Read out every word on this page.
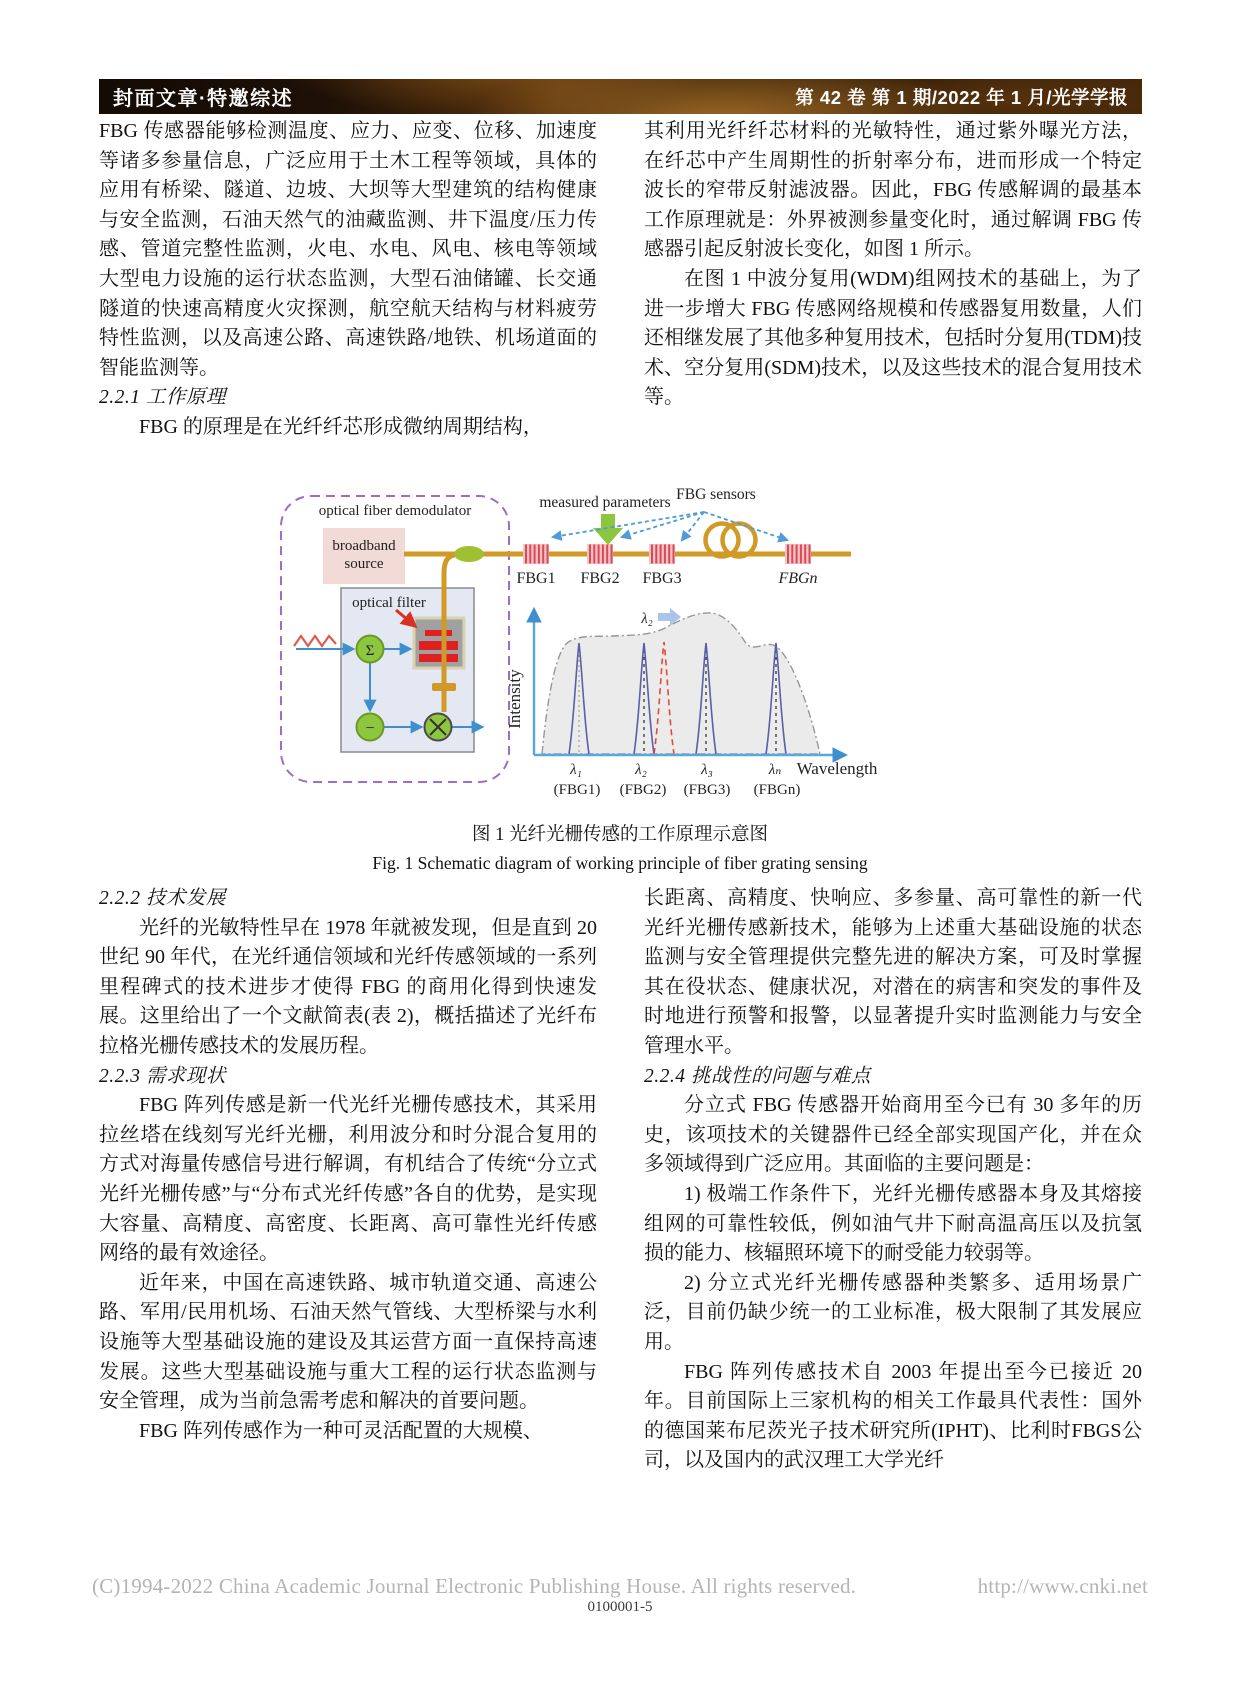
封面文章·特邀综述	第 42 卷 第 1 期/2022 年 1 月/光学学报

FBG 传感器能够检测温度、应力、应变、位移、加速度等诸多参量信息，广泛应用于土木工程等领域，具体的应用有桥梁、隧道、边坡、大坝等大型建筑的结构健康与安全监测，石油天然气的油藏监测、井下温度/压力传感、管道完整性监测，火电、水电、风电、核电等领域大型电力设施的运行状态监测，大型石油储罐、长交通隧道的快速高精度火灾探测，航空航天结构与材料疲劳特性监测，以及高速公路、高速铁路/地铁、机场道面的智能监测等。

2.2.1 工作原理

FBG 的原理是在光纤纤芯形成微纳周期结构，

其利用光纤纤芯材料的光敏特性，通过紫外曝光方法，在纤芯中产生周期性的折射率分布，进而形成一个特定波长的窄带反射滤波器。因此，FBG 传感解调的最基本工作原理就是：外界被测参量变化时，通过解调 FBG 传感器引起反射波长变化，如图 1 所示。

在图 1 中波分复用(WDM)组网技术的基础上，为了进一步增大 FBG 传感网络规模和传感器复用数量，人们还相继发展了其他多种复用技术，包括时分复用(TDM)技术、空分复用(SDM)技术，以及这些技术的混合复用技术等。

optical fiber demodulator
broadband
source
optical filter
FBG1 FBG2 FBG3	FBGn
measured parameters FBG sensors
Σ
−
λ₂
Intensity
Wavelength
λ₁	λ₂	λ₃	λₙ
(FBG1) (FBG2) (FBG3) (FBGn)
图 1 光纤光栅传感的工作原理示意图
Fig. 1 Schematic diagram of working principle of fiber grating sensing

2.2.2 技术发展

光纤的光敏特性早在 1978 年就被发现，但是直到 20 世纪 90 年代，在光纤通信领域和光纤传感领域的一系列里程碑式的技术进步才使得 FBG 的商用化得到快速发展。这里给出了一个文献简表(表 2)，概括描述了光纤布拉格光栅传感技术的发展历程。

2.2.3 需求现状

FBG 阵列传感是新一代光纤光栅传感技术，其采用拉丝塔在线刻写光纤光栅，利用波分和时分混合复用的方式对海量传感信号进行解调，有机结合了传统“分立式光纤光栅传感”与“分布式光纤传感”各自的优势，是实现大容量、高精度、高密度、长距离、高可靠性光纤传感网络的最有效途径。

近年来，中国在高速铁路、城市轨道交通、高速公路、军用/民用机场、石油天然气管线、大型桥梁与水利设施等大型基础设施的建设及其运营方面一直保持高速发展。这些大型基础设施与重大工程的运行状态监测与安全管理，成为当前急需考虑和解决的首要问题。

FBG 阵列传感作为一种可灵活配置的大规模、

长距离、高精度、快响应、多参量、高可靠性的新一代光纤光栅传感新技术，能够为上述重大基础设施的状态监测与安全管理提供完整先进的解决方案，可及时掌握其在役状态、健康状况，对潜在的病害和突发的事件及时地进行预警和报警，以显著提升实时监测能力与安全管理水平。

2.2.4 挑战性的问题与难点

分立式 FBG 传感器开始商用至今已有 30 多年的历史，该项技术的关键器件已经全部实现国产化，并在众多领域得到广泛应用。其面临的主要问题是：

1) 极端工作条件下，光纤光栅传感器本身及其熔接组网的可靠性较低，例如油气井下耐高温高压以及抗氢损的能力、核辐照环境下的耐受能力较弱等。

2) 分立式光纤光栅传感器种类繁多、适用场景广泛，目前仍缺少统一的工业标准，极大限制了其发展应用。

FBG 阵列传感技术自 2003 年提出至今已接近 20 年。目前国际上三家机构的相关工作最具代表性：国外的德国莱布尼茨光子技术研究所(IPHT)、比利时FBGS公司，以及国内的武汉理工大学光纤

(C)1994-2022 China Academic Journal Electronic Publishing House. All rights reserved.	http://www.cnki.net
0100001-5
